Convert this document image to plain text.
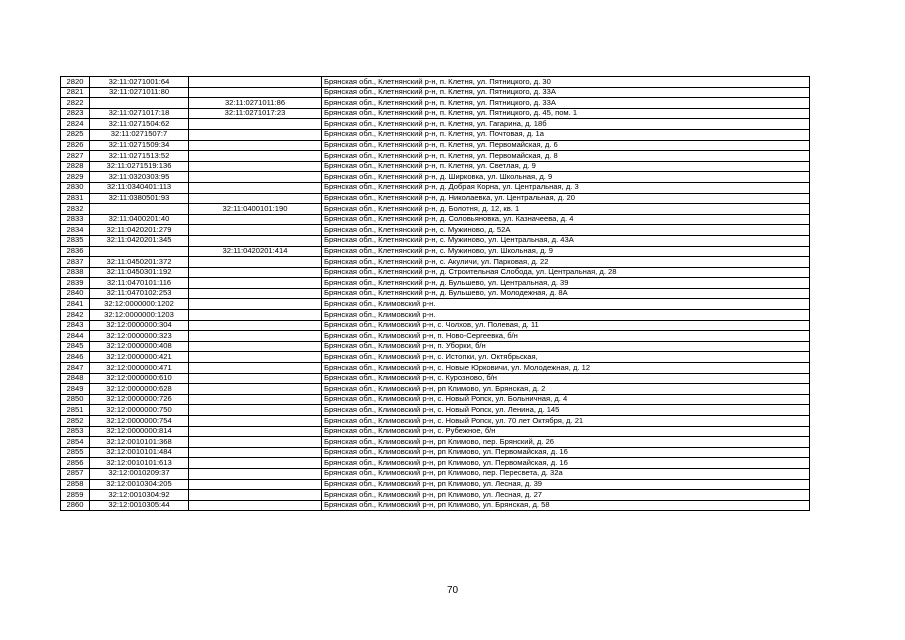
2820	32:11:0271001:64		Брянская обл., Клетнянский р-н, п. Клетня, ул. Пятницкого, д. 30
2821	32:11:0271011:80		Брянская обл., Клетнянский р-н, п. Клетня, ул. Пятницкого, д. 33А
2822		32:11:0271011:86	Брянская обл., Клетнянский р-н, п. Клетня, ул. Пятницкого, д. 33А
2823	32:11:0271017:18	32:11:0271017:23	Брянская обл., Клетнянский р-н, п. Клетня, ул. Пятницкого, д. 45, пом. 1
2824	32:11:0271504:62		Брянская обл., Клетнянский р-н, п. Клетня, ул. Гагарина, д. 18б
2825	32:11:0271507:7		Брянская обл., Клетнянский р-н, п. Клетня, ул. Почтовая, д. 1а
2826	32:11:0271509:34		Брянская обл., Клетнянский р-н, п. Клетня, ул. Первомайская, д. 6
2827	32:11:0271513:52		Брянская обл., Клетнянский р-н, п. Клетня, ул. Первомайская, д. 8
2828	32:11:0271519:136		Брянская обл., Клетнянский р-н, п. Клетня, ул. Светлая, д. 9
2829	32:11:0320303:95		Брянская обл., Клетнянский р-н, д. Ширковка, ул. Школьная, д. 9
2830	32:11:0340401:113		Брянская обл., Клетнянский р-н, д. Добрая Корна, ул. Центральная, д. 3
2831	32:11:0380501:93		Брянская обл., Клетнянский р-н, д. Николаевка, ул. Центральная, д. 20
2832		32:11:0400101:190	Брянская обл., Клетнянский р-н, д. Болотня, д. 12, кв. 1
2833	32:11:0400201:40		Брянская обл., Клетнянский р-н, д. Соловьяновка, ул. Казначеева, д. 4
2834	32:11:0420201:279		Брянская обл., Клетнянский р-н, с. Мужиново, д. 52А
2835	32:11:0420201:345		Брянская обл., Клетнянский р-н, с. Мужиново, ул. Центральная, д. 43А
2836		32:11:0420201:414	Брянская обл., Клетнянский р-н, с. Мужиново, ул. Школьная, д. 9
2837	32:11:0450201:372		Брянская обл., Клетнянский р-н, с. Акуличи, ул. Парковая, д. 22
2838	32:11:0450301:192		Брянская обл., Клетнянский р-н, д. Строительная Слобода, ул. Центральная, д. 28
2839	32:11:0470101:116		Брянская обл., Клетнянский р-н, д. Бульшево, ул. Центральная, д. 39
2840	32:11:0470102:253		Брянская обл., Клетнянский р-н, д. Бульшево, ул. Молодежная, д. 8А
2841	32:12:0000000:1202		Брянская обл., Климовский р-н.
2842	32:12:0000000:1203		Брянская обл., Климовский р-н.
2843	32:12:0000000:304		Брянская обл., Климовский р-н, с. Чолхов, ул. Полевая, д. 11
2844	32:12:0000000:323		Брянская обл., Климовский р-н, п. Ново-Сергеевка, б/н
2845	32:12:0000000:408		Брянская обл., Климовский р-н, п. Уборки, б/н
2846	32:12:0000000:421		Брянская обл., Климовский р-н, с. Истопки, ул. Октябрьская,
2847	32:12:0000000:471		Брянская обл., Климовский р-н, с. Новые Юрковичи, ул. Молодежная, д. 12
2848	32:12:0000000:610		Брянская обл., Климовский р-н, с. Курозново, б/н
2849	32:12:0000000:628		Брянская обл., Климовский р-н, рп Климово, ул. Брянская, д. 2
2850	32:12:0000000:726		Брянская обл., Климовский р-н, с. Новый Ропск, ул. Больничная, д. 4
2851	32:12:0000000:750		Брянская обл., Климовский р-н, с. Новый Ропск, ул. Ленина, д. 145
2852	32:12:0000000:754		Брянская обл., Климовский р-н, с. Новый Ропск, ул. 70 лет Октября, д. 21
2853	32:12:0000000:814		Брянская обл., Климовский р-н, с. Рубежное, б/н
2854	32:12:0010101:368		Брянская обл., Климовский р-н, рп Климово, пер. Брянский, д. 26
2855	32:12:0010101:484		Брянская обл., Климовский р-н, рп Климово, ул. Первомайская, д. 16
2856	32:12:0010101:613		Брянская обл., Климовский р-н, рп Климово, ул. Первомайская, д. 16
2857	32:12:0010209:37		Брянская обл., Климовский р-н, рп Климово, пер. Пересвета, д. 32а
2858	32:12:0010304:205		Брянская обл., Климовский р-н, рп Климово, ул. Лесная, д. 39
2859	32:12:0010304:92		Брянская обл., Климовский р-н, рп Климово, ул. Лесная, д. 27
2860	32:12:0010305:44		Брянская обл., Климовский р-н, рп Климово, ул. Брянская, д. 58
70
